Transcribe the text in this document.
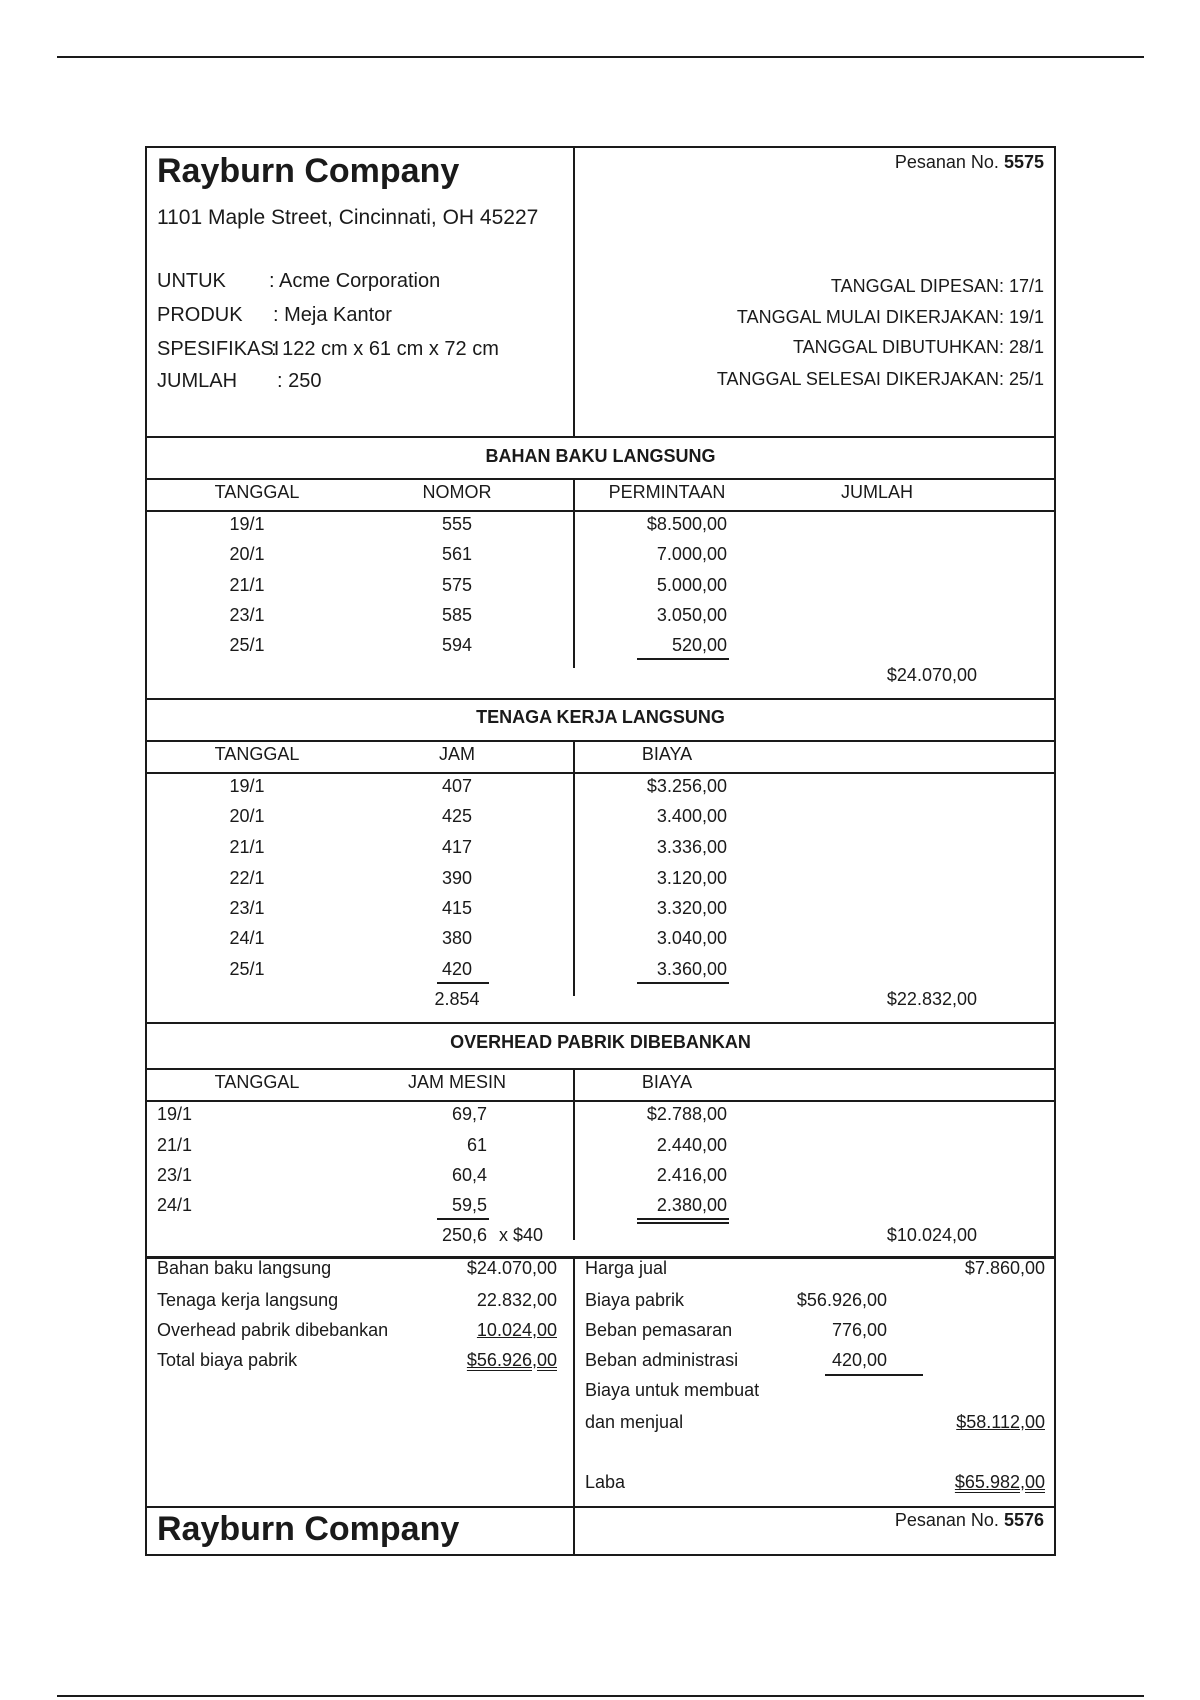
Rayburn Company
1101 Maple Street, Cincinnati, OH 45227
UNTUK : Acme Corporation
PRODUK : Meja Kantor
SPESIFIKASI
: 122 cm x 61 cm x 72 cm
JUMLAH : 250
Pesanan No. 5575
TANGGAL DIPESAN: 17/1
TANGGAL MULAI DIKERJAKAN: 19/1
TANGGAL DIBUTUHKAN: 28/1
TANGGAL SELESAI DIKERJAKAN: 25/1
BAHAN BAKU LANGSUNG
TANGGAL	NOMOR	PERMINTAAN	JUMLAH
19/1	555	$8.500,00
20/1	561	7.000,00
21/1	575	5.000,00
23/1	585	3.050,00
25/1	594	520,00
$24.070,00
TENAGA KERJA LANGSUNG
TANGGAL	JAM	BIAYA
19/1	407	$3.256,00
20/1	425	3.400,00
21/1	417	3.336,00
22/1	390	3.120,00
23/1	415	3.320,00
24/1	380	3.040,00
25/1	420	3.360,00
2.854	$22.832,00
OVERHEAD PABRIK DIBEBANKAN
TANGGAL	JAM MESIN	BIAYA
19/1	69,7	$2.788,00
21/1	61	2.440,00
23/1	60,4	2.416,00
24/1	59,5	2.380,00
250,6 x $40	$10.024,00
Bahan baku langsung	$24.070,00
Tenaga kerja langsung	22.832,00
Overhead pabrik dibebankan	10.024,00
Total biaya pabrik	$56.926,00
Harga jual	$7.860,00
Biaya pabrik	$56.926,00
Beban pemasaran	776,00
Beban administrasi	420,00
Biaya untuk membuat
dan menjual	$58.112,00
Laba	$65.982,00
Rayburn Company	Pesanan No. 5576
